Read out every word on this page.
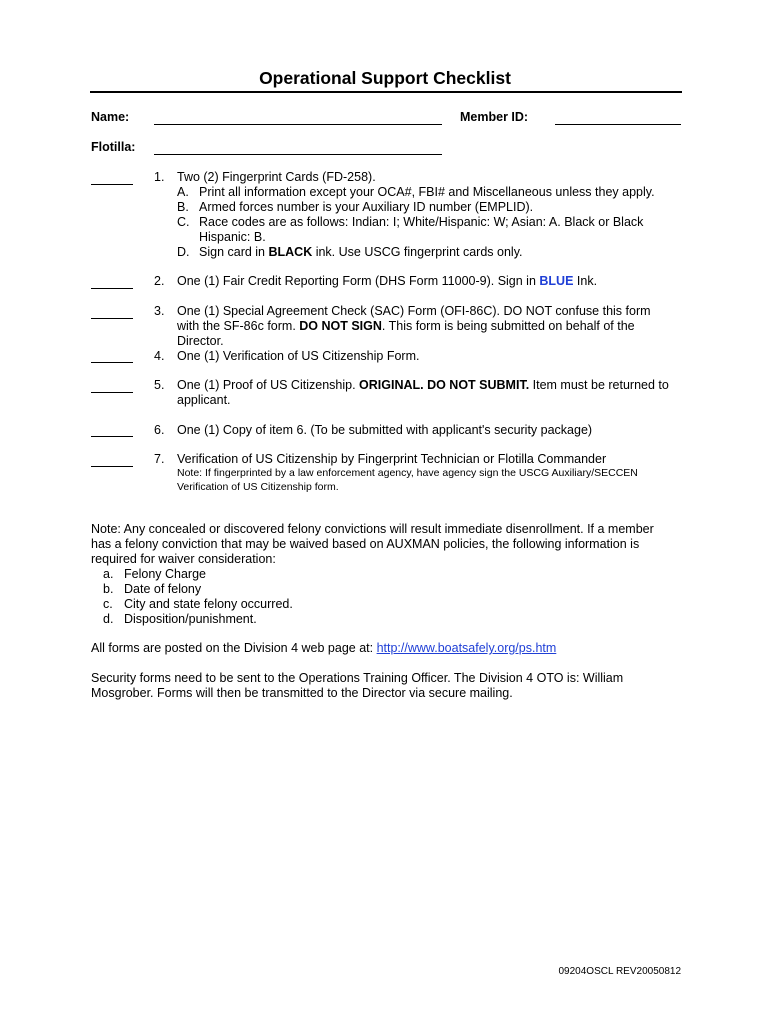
Operational Support Checklist
Name:	Member ID:
Flotilla:
1. Two (2) Fingerprint Cards (FD-258).
A. Print all information except your OCA#, FBI# and Miscellaneous unless they apply.
B. Armed forces number is your Auxiliary ID number (EMPLID).
C. Race codes are as follows: Indian: I; White/Hispanic: W; Asian: A. Black or Black
Hispanic: B.
D. Sign card in BLACK ink. Use USCG fingerprint cards only.
2. One (1) Fair Credit Reporting Form (DHS Form 11000-9). Sign in BLUE Ink.
3. One (1) Special Agreement Check (SAC) Form (OFI-86C). DO NOT confuse this form
with the SF-86c form. DO NOT SIGN. This form is being submitted on behalf of the
Director.
4. One (1) Verification of US Citizenship Form.
5. One (1) Proof of US Citizenship. ORIGINAL. DO NOT SUBMIT. Item must be returned to
applicant.
6. One (1) Copy of item 6. (To be submitted with applicant's security package)
7. Verification of US Citizenship by Fingerprint Technician or Flotilla Commander
Note: If fingerprinted by a law enforcement agency, have agency sign the USCG Auxiliary/SECCEN
Verification of US Citizenship form.
Note: Any concealed or discovered felony convictions will result immediate disenrollment. If a member
has a felony conviction that may be waived based on AUXMAN policies, the following information is
required for waiver consideration:
a. Felony Charge
b. Date of felony
c. City and state felony occurred.
d. Disposition/punishment.
All forms are posted on the Division 4 web page at: http://www.boatsafely.org/ps.htm
Security forms need to be sent to the Operations Training Officer. The Division 4 OTO is: William
Mosgrober. Forms will then be transmitted to the Director via secure mailing.
09204OSCL REV20050812
